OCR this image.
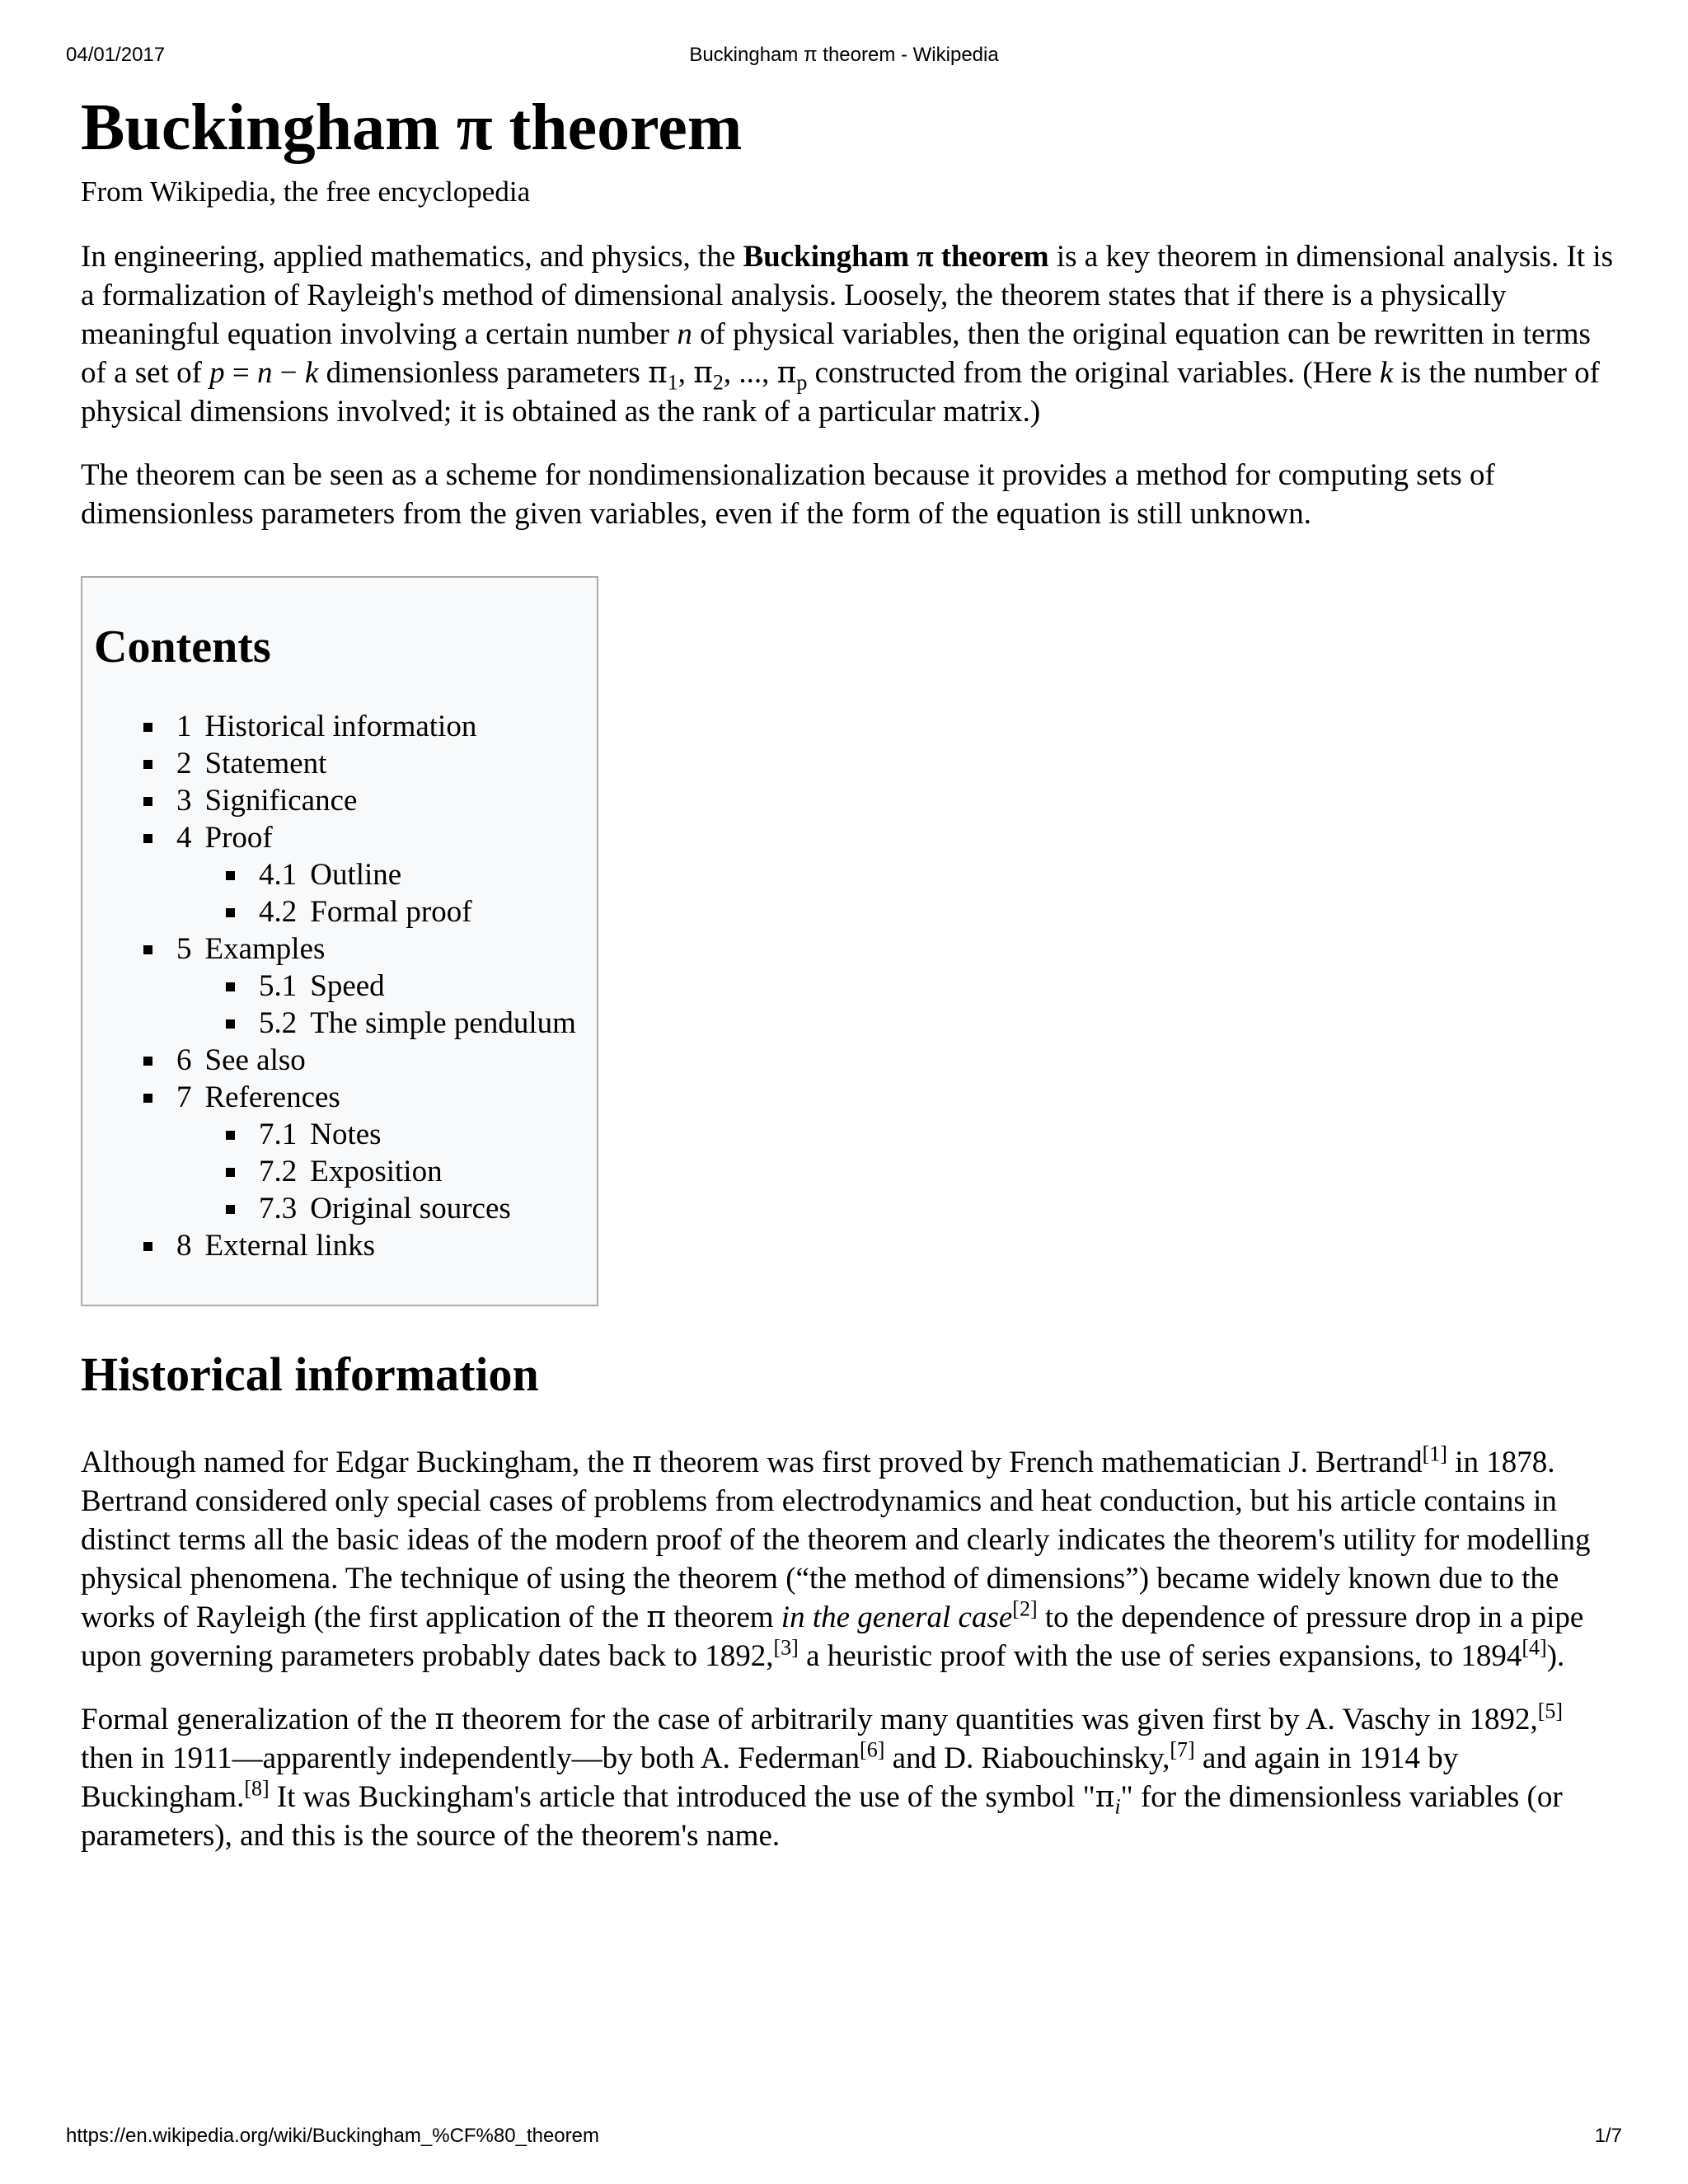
04/01/2017	Buckingham π theorem - Wikipedia
Buckingham π theorem
From Wikipedia, the free encyclopedia

In engineering, applied mathematics, and physics, the Buckingham π theorem is a key theorem in dimensional analysis. It is a formalization of Rayleigh's method of dimensional analysis. Loosely, the theorem states that if there is a physically meaningful equation involving a certain number n of physical variables, then the original equation can be rewritten in terms of a set of p = n − k dimensionless parameters $\pi_1$, $\pi_2$, ..., $\pi_p$ constructed from the original variables. (Here k is the number of physical dimensions involved; it is obtained as the rank of a particular matrix.)

The theorem can be seen as a scheme for nondimensionalization because it provides a method for computing sets of dimensionless parameters from the given variables, even if the form of the equation is still unknown.

Contents
1 Historical information
2 Statement
3 Significance
4 Proof
4.1 Outline
4.2 Formal proof
5 Examples
5.1 Speed
5.2 The simple pendulum
6 See also
7 References
7.1 Notes
7.2 Exposition
7.3 Original sources
8 External links
Historical information

Although named for Edgar Buckingham, the π theorem was first proved by French mathematician J. Bertrand[1] in 1878. Bertrand considered only special cases of problems from electrodynamics and heat conduction, but his article contains in distinct terms all the basic ideas of the modern proof of the theorem and clearly indicates the theorem's utility for modelling physical phenomena. The technique of using the theorem (“the method of dimensions”) became widely known due to the works of Rayleigh (the first application of the π theorem in the general case[2] to the dependence of pressure drop in a pipe upon governing parameters probably dates back to 1892,[3] a heuristic proof with the use of series expansions, to 1894[4]).

Formal generalization of the π theorem for the case of arbitrarily many quantities was given first by A. Vaschy in 1892,[5] then in 1911—apparently independently—by both A. Federman[6] and D. Riabouchinsky,[7] and again in 1914 by Buckingham.[8] It was Buckingham's article that introduced the use of the symbol "$\pi_i$" for the dimensionless variables (or parameters), and this is the source of the theorem's name.

https://en.wikipedia.org/wiki/Buckingham_%CF%80_theorem	1/7
